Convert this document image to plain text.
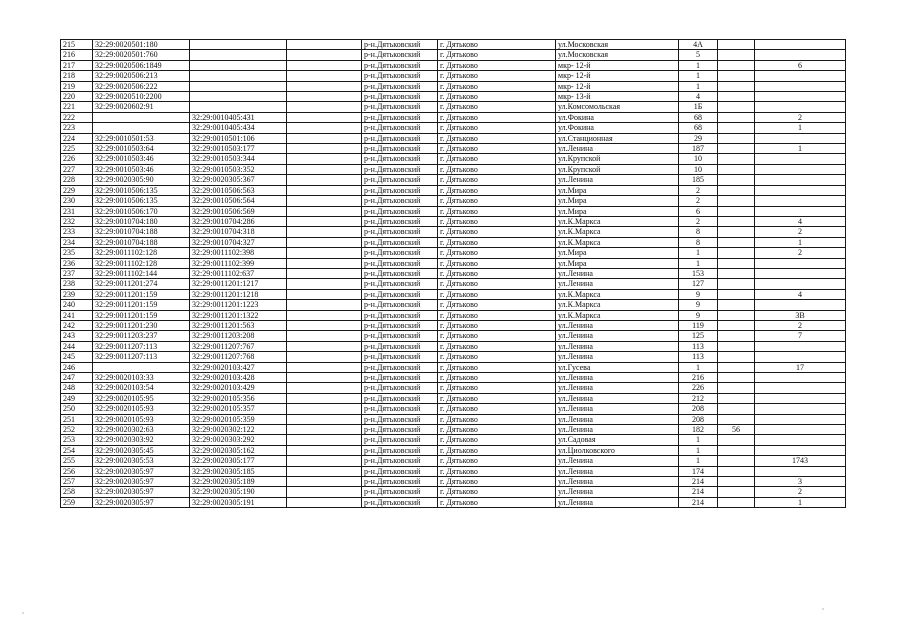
215	32:29:0020501:180			р-н.Дятьковский	г. Дятьково	ул.Московская	4А		
216	32:29:0020501:760			р-н.Дятьковский	г. Дятьково	ул.Московская	5		
217	32:29:0020506:1849			р-н.Дятьковский	г. Дятьково	мкр- 12-й	1		6
218	32:29:0020506:213			р-н.Дятьковский	г. Дятьково	мкр- 12-й	1		
219	32:29:0020506:222			р-н.Дятьковский	г. Дятьково	мкр- 12-й	1		
220	32:29:0020510:2200			р-н.Дятьковский	г. Дятьково	мкр- 13-й	4		
221	32:29:0020602:91			р-н.Дятьковский	г. Дятьково	ул.Комсомольская	1Б		
222		32:29:0010405:431		р-н.Дятьковский	г. Дятьково	ул.Фокина	68		2
223		32:29:0010405:434		р-н.Дятьковский	г. Дятьково	ул.Фокина	68		1
224	32:29:0010501:53	32:29:0010501:106		р-н.Дятьковский	г. Дятьково	ул.Станционная	29		
225	32:29:0010503:64	32:29:0010503:177		р-н.Дятьковский	г. Дятьково	ул.Ленина	187		1
226	32:29:0010503:46	32:29:0010503:344		р-н.Дятьковский	г. Дятьково	ул.Крупской	10		
227	32:29:0010503:46	32:29:0010503:352		р-н.Дятьковский	г. Дятьково	ул.Крупской	10		
228	32:29:0020305:90	32:29:0020305:367		р-н.Дятьковский	г. Дятьково	ул.Ленина	185		
229	32:29:0010506:135	32:29:0010506:563		р-н.Дятьковский	г. Дятьково	ул.Мира	2		
230	32:29:0010506:135	32:29:0010506:564		р-н.Дятьковский	г. Дятьково	ул.Мира	2		
231	32:29:0010506:170	32:29:0010506:569		р-н.Дятьковский	г. Дятьково	ул.Мира	6		
232	32:29:0010704:180	32:29:0010704:286		р-н.Дятьковский	г. Дятьково	ул.К.Маркса	2		4
233	32:29:0010704:188	32:29:0010704:318		р-н.Дятьковский	г. Дятьково	ул.К.Маркса	8		2
234	32:29:0010704:188	32:29:0010704:327		р-н.Дятьковский	г. Дятьково	ул.К.Маркса	8		1
235	32:29:0011102:128	32:29:0011102:398		р-н.Дятьковский	г. Дятьково	ул.Мира	1		2
236	32:29:0011102:128	32:29:0011102:399		р-н.Дятьковский	г. Дятьково	ул.Мира	1		
237	32:29:0011102:144	32:29:0011102:637		р-н.Дятьковский	г. Дятьково	ул.Ленина	153		
238	32:29:0011201:274	32:29:0011201:1217		р-н.Дятьковский	г. Дятьково	ул.Ленина	127		
239	32:29:0011201:159	32:29:0011201:1218		р-н.Дятьковский	г. Дятьково	ул.К.Маркса	9		4
240	32:29:0011201:159	32:29:0011201:1223		р-н.Дятьковский	г. Дятьково	ул.К.Маркса	9		
241	32:29:0011201:159	32:29:0011201:1322		р-н.Дятьковский	г. Дятьково	ул.К.Маркса	9		3В
242	32:29:0011201:230	32:29:0011201:563		р-н.Дятьковский	г. Дятьково	ул.Ленина	119		2
243	32:29:0011203:237	32:29:0011203:208		р-н.Дятьковский	г. Дятьково	ул.Ленина	125		7
244	32:29:0011207:113	32:29:0011207:767		р-н.Дятьковский	г. Дятьково	ул.Ленина	113		
245	32:29:0011207:113	32:29:0011207:768		р-н.Дятьковский	г. Дятьково	ул.Ленина	113		
246		32:29:0020103:427		р-н.Дятьковский	г. Дятьково	ул.Гусева	1		17
247	32:29:0020103:33	32:29:0020103:428		р-н.Дятьковский	г. Дятьково	ул.Ленина	216		
248	32:29:0020103:54	32:29:0020103:429		р-н.Дятьковский	г. Дятьково	ул.Ленина	226		
249	32:29:0020105:95	32:29:0020105:356		р-н.Дятьковский	г. Дятьково	ул.Ленина	212		
250	32:29:0020105:93	32:29:0020105:357		р-н.Дятьковский	г. Дятьково	ул.Ленина	208		
251	32:29:0020105:93	32:29:0020105:359		р-н.Дятьковский	г. Дятьково	ул.Ленина	208		
252	32:29:0020302:63	32:29:0020302:122		р-н.Дятьковский	г. Дятьково	ул.Ленина	182	56	
253	32:29:0020303:92	32:29:0020303:292		р-н.Дятьковский	г. Дятьково	ул.Садовая	1		
254	32:29:0020305:45	32:29:0020305:162		р-н.Дятьковский	г. Дятьково	ул.Циолковского	1		
255	32:29:0020305:53	32:29:0020305:177		р-н.Дятьковский	г. Дятьково	ул.Ленина	1		1743
256	32:29:0020305:97	32:29:0020305:185		р-н.Дятьковский	г. Дятьково	ул.Ленина	174		
257	32:29:0020305:97	32:29:0020305:189		р-н.Дятьковский	г. Дятьково	ул.Ленина	214		3
258	32:29:0020305:97	32:29:0020305:190		р-н.Дятьковский	г. Дятьково	ул.Ленина	214		2
259	32:29:0020305:97	32:29:0020305:191		р-н.Дятьковский	г. Дятьково	ул.Ленина	214		1
